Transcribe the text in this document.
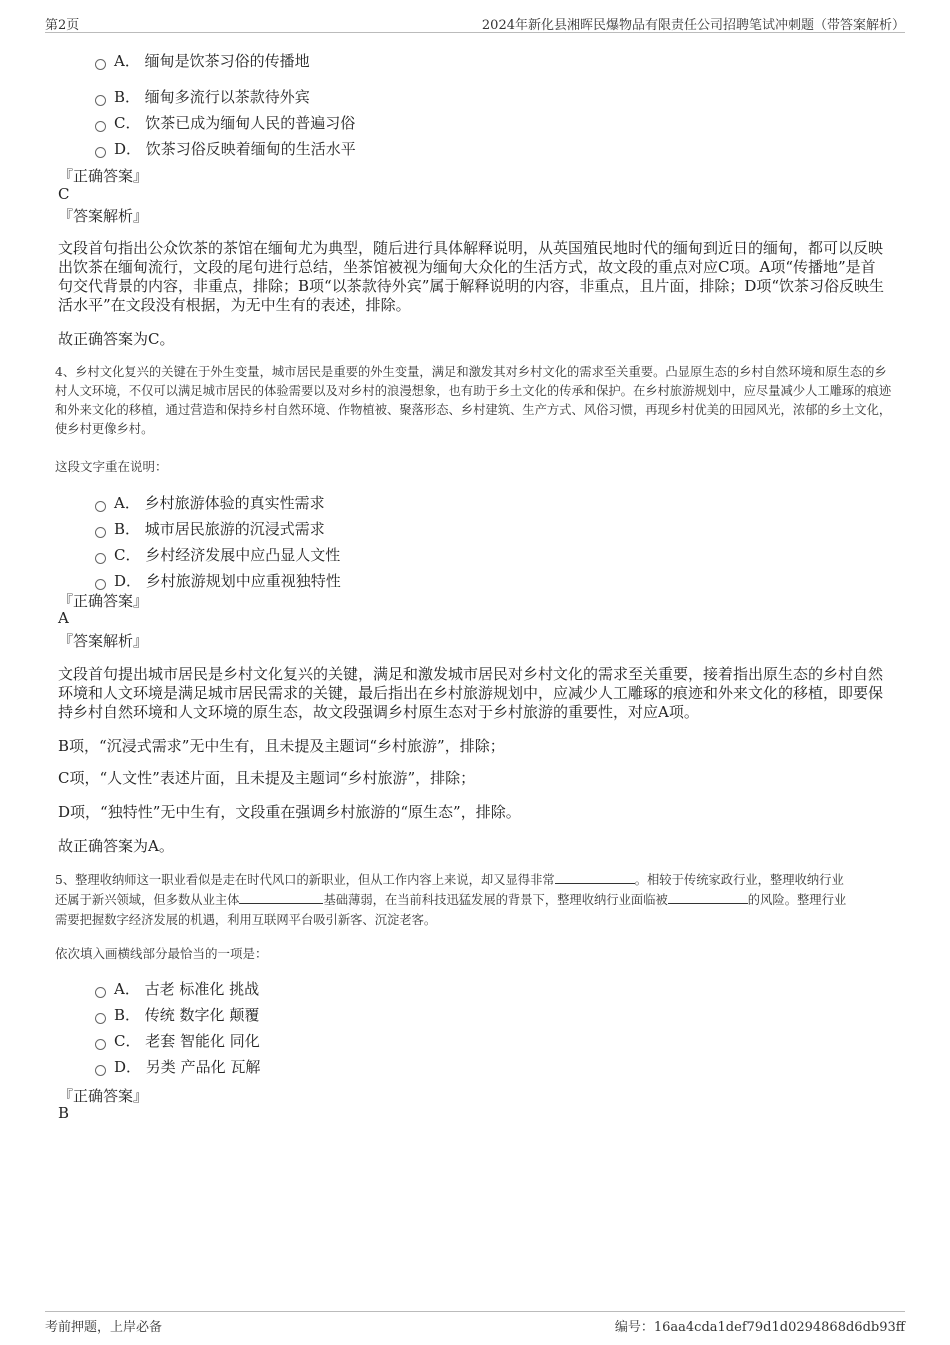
第2页	2024年新化县湘晖民爆物品有限责任公司招聘笔试冲刺题（带答案解析）
A． 缅甸是饮茶习俗的传播地
B． 缅甸多流行以茶款待外宾
C． 饮茶已成为缅甸人民的普遍习俗
D． 饮茶习俗反映着缅甸的生活水平
『正确答案』
C
『答案解析』
文段首句指出公众饮茶的茶馆在缅甸尤为典型，随后进行具体解释说明，从英国殖民地时代的缅甸到近日的缅甸，都可以反映出饮茶在缅甸流行，文段的尾句进行总结，坐茶馆被视为缅甸大众化的生活方式，故文段的重点对应C项。A项“传播地”是首句交代背景的内容，非重点，排除；B项“以茶款待外宾”属于解释说明的内容，非重点，且片面，排除；D项“饮茶习俗反映生活水平”在文段没有根据，为无中生有的表述，排除。
故正确答案为C。
4、乡村文化复兴的关键在于外生变量，城市居民是重要的外生变量，满足和激发其对乡村文化的需求至关重要。凸显原生态的乡村自然环境和原生态的乡村人文环境，不仅可以满足城市居民的体验需要以及对乡村的浪漫想象，也有助于乡土文化的传承和保护。在乡村旅游规划中，应尽量减少人工雕琢的痕迹和外来文化的移植，通过营造和保持乡村自然环境、作物植被、聚落形态、乡村建筑、生产方式、风俗习惯，再现乡村优美的田园风光，浓郁的乡土文化，使乡村更像乡村。
这段文字重在说明：
A． 乡村旅游体验的真实性需求
B． 城市居民旅游的沉浸式需求
C． 乡村经济发展中应凸显人文性
D． 乡村旅游规划中应重视独特性
『正确答案』
A
『答案解析』
文段首句提出城市居民是乡村文化复兴的关键，满足和激发城市居民对乡村文化的需求至关重要，接着指出原生态的乡村自然环境和人文环境是满足城市居民需求的关键，最后指出在乡村旅游规划中，应减少人工雕琢的痕迹和外来文化的移植，即要保持乡村自然环境和人文环境的原生态，故文段强调乡村原生态对于乡村旅游的重要性，对应A项。
B项，“沉浸式需求”无中生有，且未提及主题词“乡村旅游”，排除；
C项，“人文性”表述片面，且未提及主题词“乡村旅游”，排除；
D项，“独特性”无中生有，文段重在强调乡村旅游的“原生态”，排除。
故正确答案为A。
5、整理收纳师这一职业看似是走在时代风口的新职业，但从工作内容上来说，却又显得非常	。相较于传统家政行业，整理收纳行业
还属于新兴领域，但多数从业主体	基础薄弱，在当前科技迅猛发展的背景下，整理收纳行业面临被	的风险。整理行业
需要把握数字经济发展的机遇，利用互联网平台吸引新客、沉淀老客。
依次填入画横线部分最恰当的一项是：
A． 古老 标准化 挑战
B． 传统 数字化 颠覆
C． 老套 智能化 同化
D． 另类 产品化 瓦解
『正确答案』
B
考前押题，上岸必备	编号：16aa4cda1def79d1d0294868d6db93ff
